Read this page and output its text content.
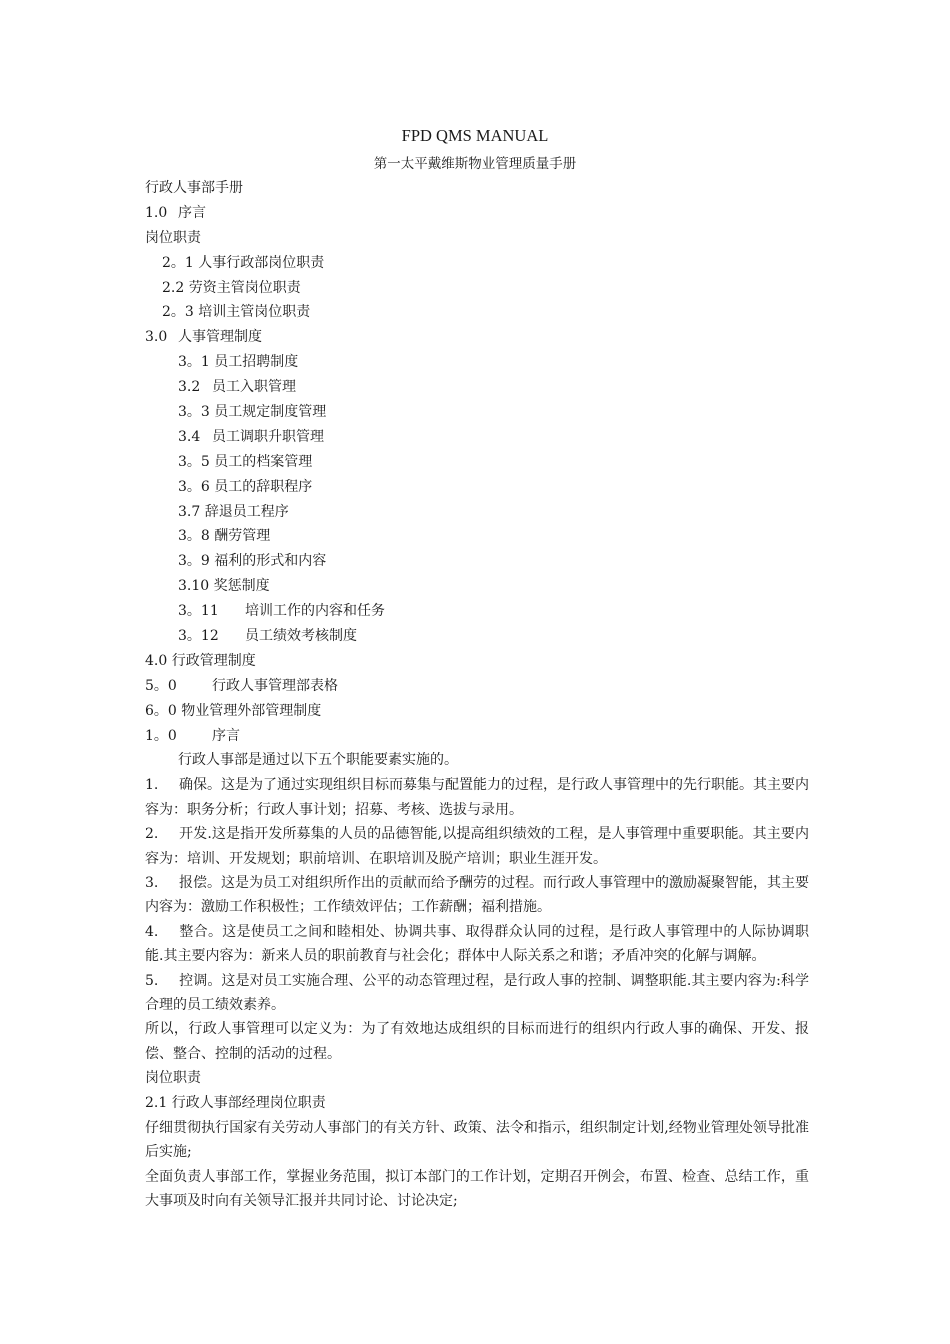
FPD QMS MANUAL
第一太平戴维斯物业管理质量手册
行政人事部手册
1.0 序言
岗位职责
2。1 人事行政部岗位职责
2.2 劳资主管岗位职责
2。3 培训主管岗位职责
3.0 人事管理制度
3。1 员工招聘制度
3.2 员工入职管理
3。3 员工规定制度管理
3.4 员工调职升职管理
3。5 员工的档案管理
3。6 员工的辞职程序
3.7 辞退员工程序
3。8 酬劳管理
3。9 福利的形式和内容
3.10 奖惩制度
3。11 培训工作的内容和任务
3。12 员工绩效考核制度
4.0 行政管理制度
5。0	行政人事管理部表格
6。0 物业管理外部管理制度
1。0	序言
行政人事部是通过以下五个职能要素实施的。
1. 确保。这是为了通过实现组织目标而募集与配置能力的过程，是行政人事管理中的先行职能。其主要内容为：职务分析；行政人事计划；招募、考核、选拔与录用。
2. 开发.这是指开发所募集的人员的品德智能,以提高组织绩效的工程，是人事管理中重要职能。其主要内容为：培训、开发规划；职前培训、在职培训及脱产培训；职业生涯开发。
3. 报偿。这是为员工对组织所作出的贡献而给予酬劳的过程。而行政人事管理中的激励凝聚智能，其主要内容为：激励工作积极性；工作绩效评估；工作薪酬；福利措施。
4. 整合。这是使员工之间和睦相处、协调共事、取得群众认同的过程，是行政人事管理中的人际协调职能.其主要内容为：新来人员的职前教育与社会化；群体中人际关系之和谐；矛盾冲突的化解与调解。
5. 控调。这是对员工实施合理、公平的动态管理过程，是行政人事的控制、调整职能.其主要内容为:科学合理的员工绩效素养。
所以，行政人事管理可以定义为：为了有效地达成组织的目标而进行的组织内行政人事的确保、开发、报偿、整合、控制的活动的过程。
岗位职责
2.1 行政人事部经理岗位职责
仔细贯彻执行国家有关劳动人事部门的有关方针、政策、法令和指示，组织制定计划,经物业管理处领导批准后实施;
全面负责人事部工作，掌握业务范围，拟订本部门的工作计划，定期召开例会，布置、检查、总结工作，重大事项及时向有关领导汇报并共同讨论、讨论决定;
